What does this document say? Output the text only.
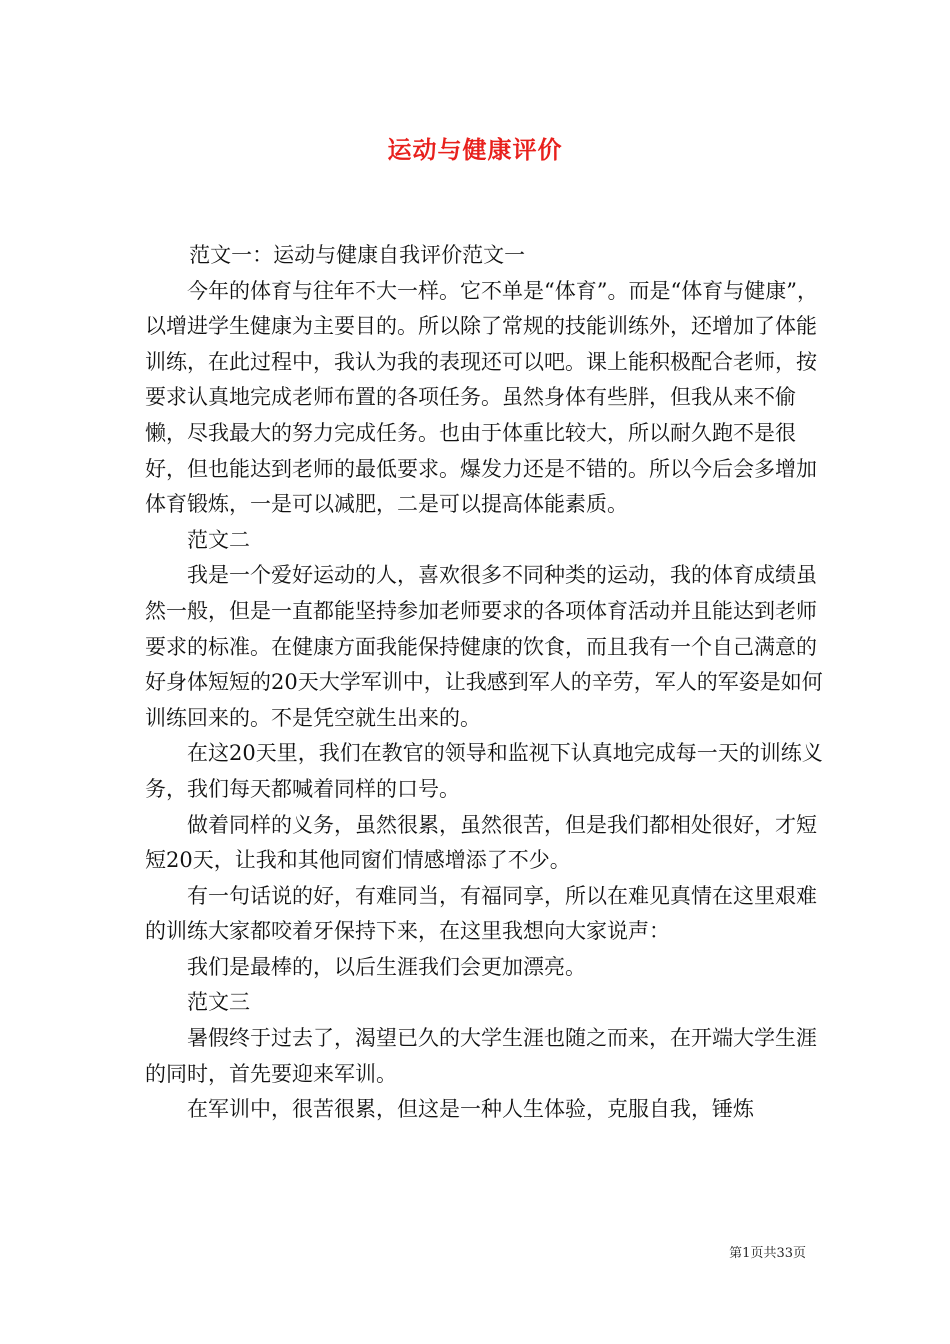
运动与健康评价

范文一：运动与健康自我评价范文一

今年的体育与往年不大一样。它不单是“体育”。而是“体育与健康”，以增进学生健康为主要目的。所以除了常规的技能训练外，还增加了体能训练，在此过程中，我认为我的表现还可以吧。课上能积极配合老师，按要求认真地完成老师布置的各项任务。虽然身体有些胖，但我从来不偷懒，尽我最大的努力完成任务。也由于体重比较大，所以耐久跑不是很好，但也能达到老师的最低要求。爆发力还是不错的。所以今后会多增加体育锻炼，一是可以减肥，二是可以提高体能素质。

范文二

我是一个爱好运动的人，喜欢很多不同种类的运动，我的体育成绩虽然一般，但是一直都能坚持参加老师要求的各项体育活动并且能达到老师要求的标准。在健康方面我能保持健康的饮食，而且我有一个自己满意的好身体短短的20天大学军训中，让我感到军人的辛劳，军人的军姿是如何训练回来的。不是凭空就生出来的。

在这20天里，我们在教官的领导和监视下认真地完成每一天的训练义务，我们每天都喊着同样的口号。

做着同样的义务，虽然很累，虽然很苦，但是我们都相处很好，才短短20天，让我和其他同窗们情感增添了不少。

有一句话说的好，有难同当，有福同享，所以在难见真情在这里艰难的训练大家都咬着牙保持下来，在这里我想向大家说声：

我们是最棒的，以后生涯我们会更加漂亮。

范文三

暑假终于过去了，渴望已久的大学生涯也随之而来，在开端大学生涯的同时，首先要迎来军训。

在军训中，很苦很累，但这是一种人生体验，克服自我，锤炼

第1页共33页
